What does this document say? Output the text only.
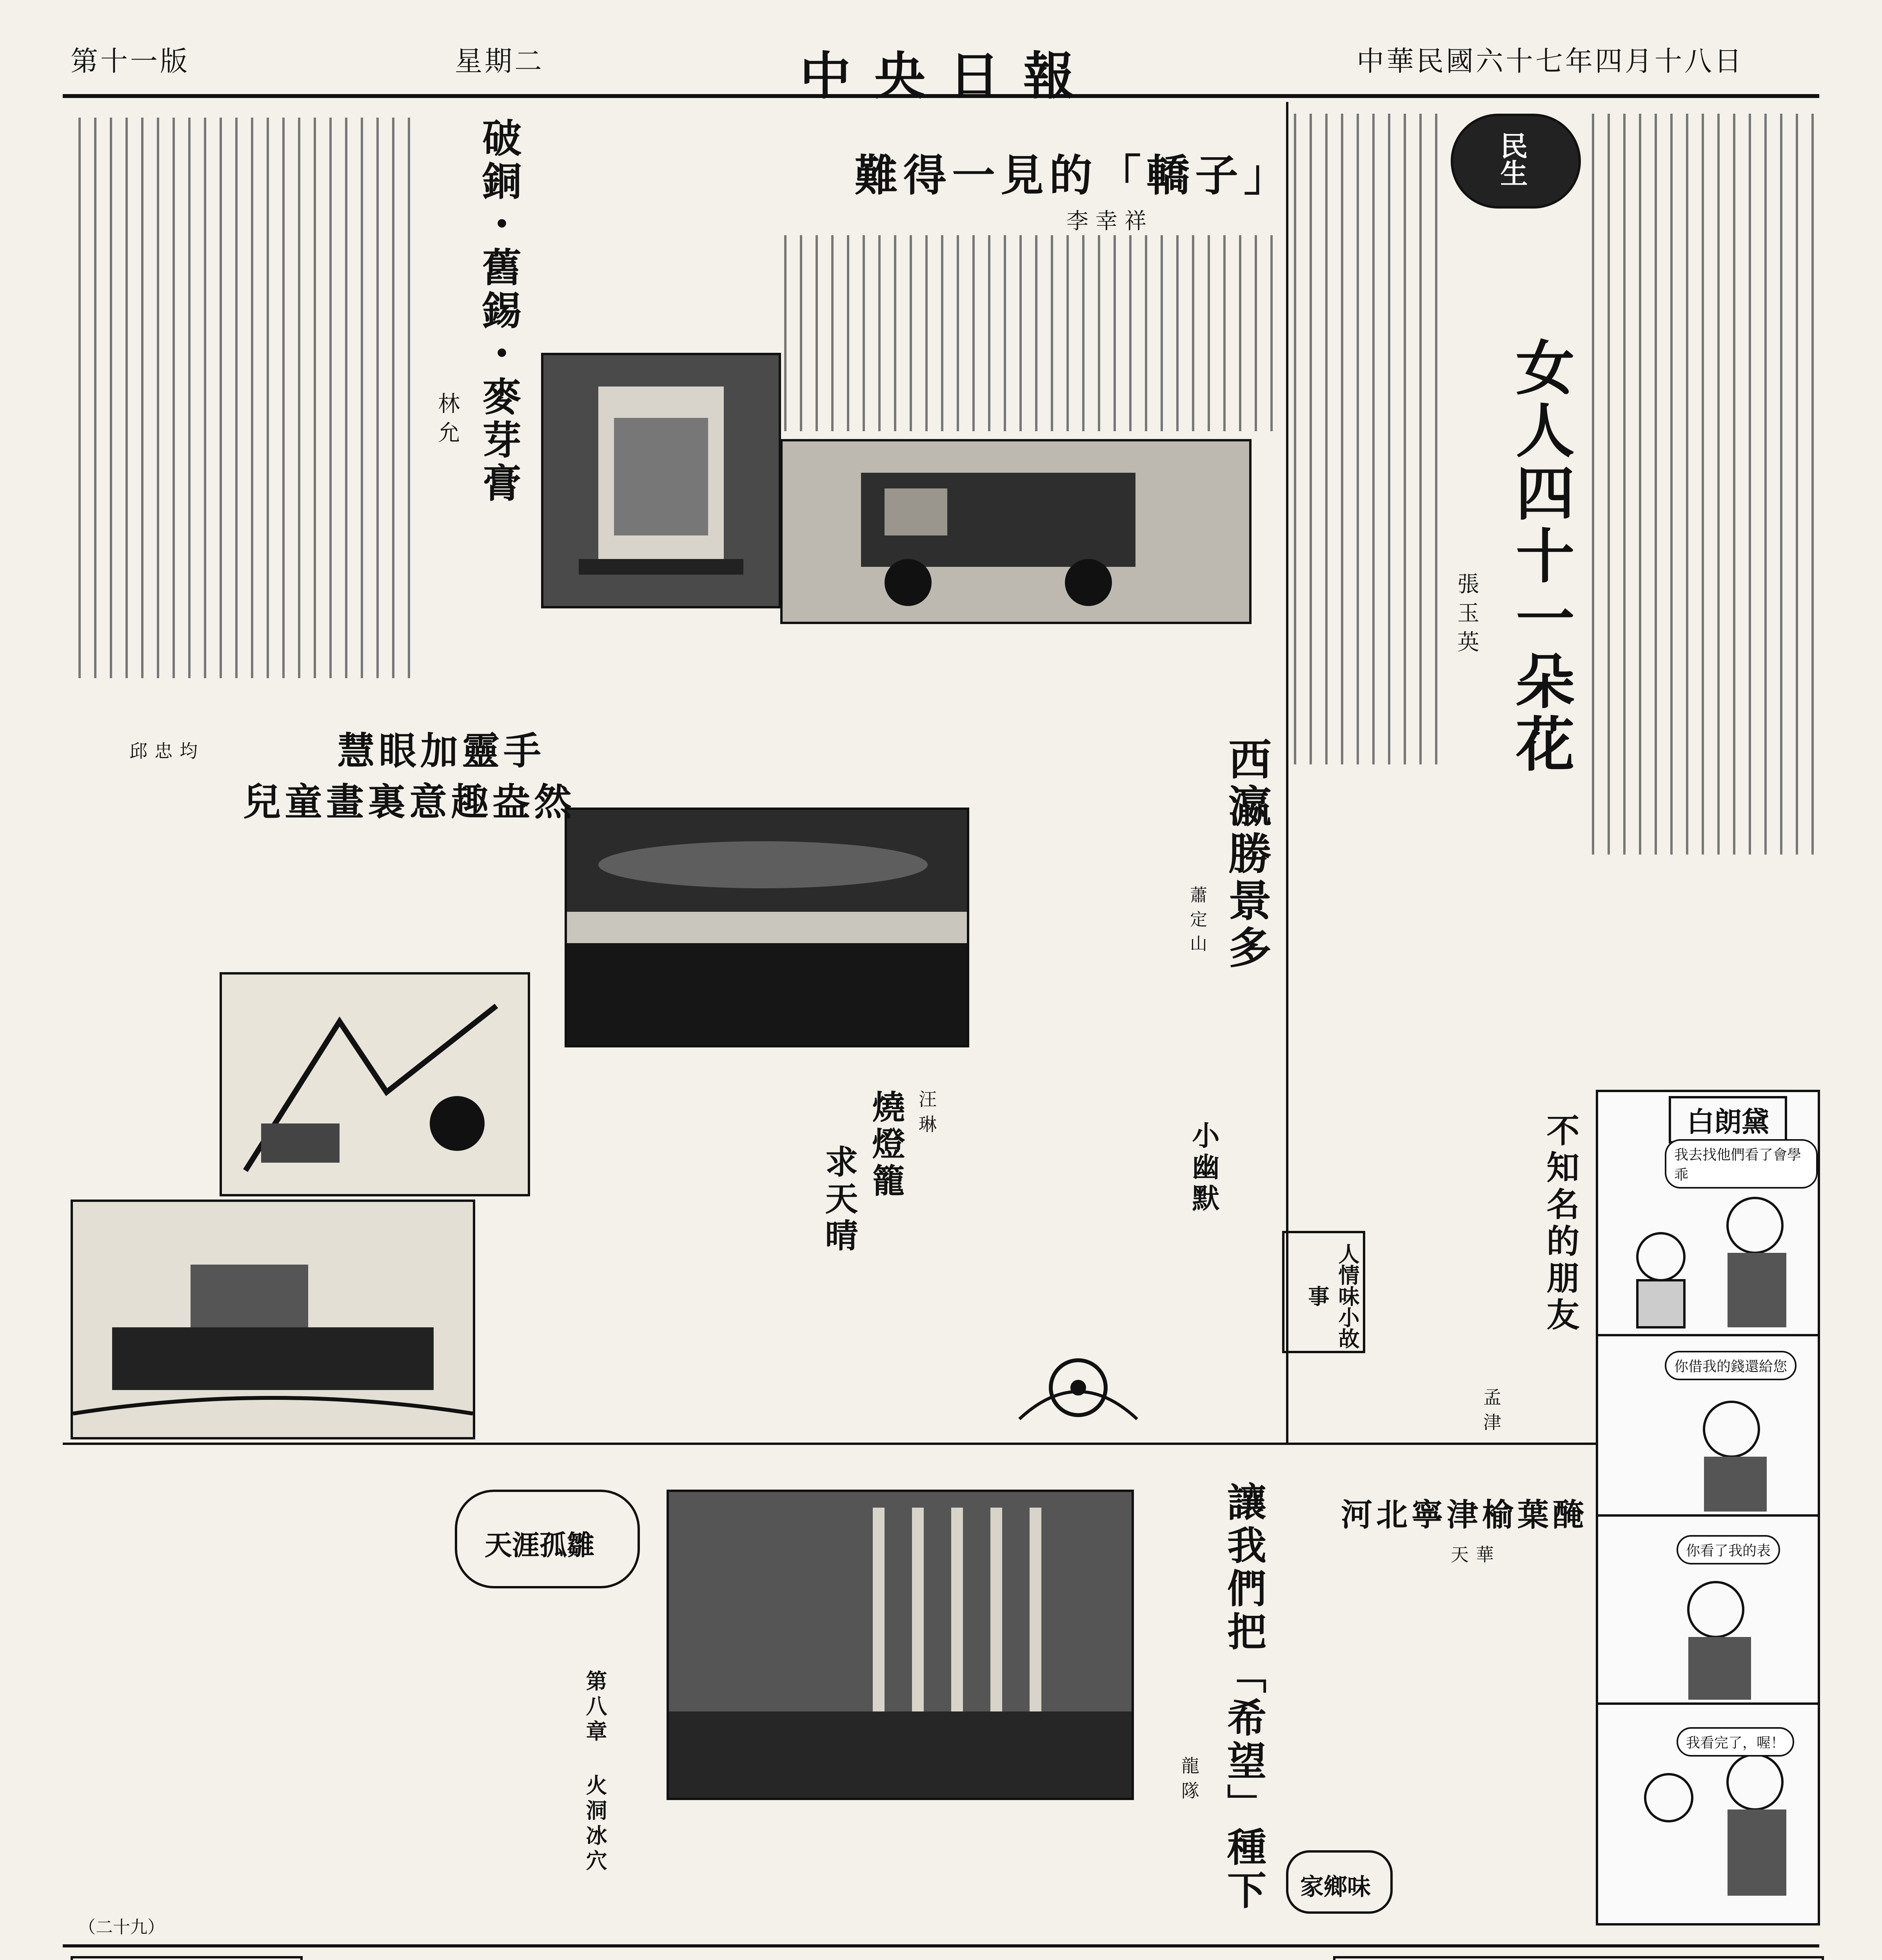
第十一版	星期二	中央日報	中華民國六十七年四月十八日
民生
女人四十一朵花
張玉英
難得一見的「轎子」
李幸祥
破銅・舊錫・麥芽膏
林允
西瀛勝景多
蕭定山
慧眼加靈手
兒童畫裏意趣盎然
邱忠均
燒燈籠
求天晴
汪琳
小幽默	不知名的朋友
孟津
人情味小故事
白朗黛
我去找他們看了會學乖
你借我的錢還給您
你看了我的表
我看完了，喔！
河北寧津榆葉醃
天華
家鄉味
讓我們把「希望」種下
龍隊
天涯孤雛
第八章 火洞冰穴
（二十九）
